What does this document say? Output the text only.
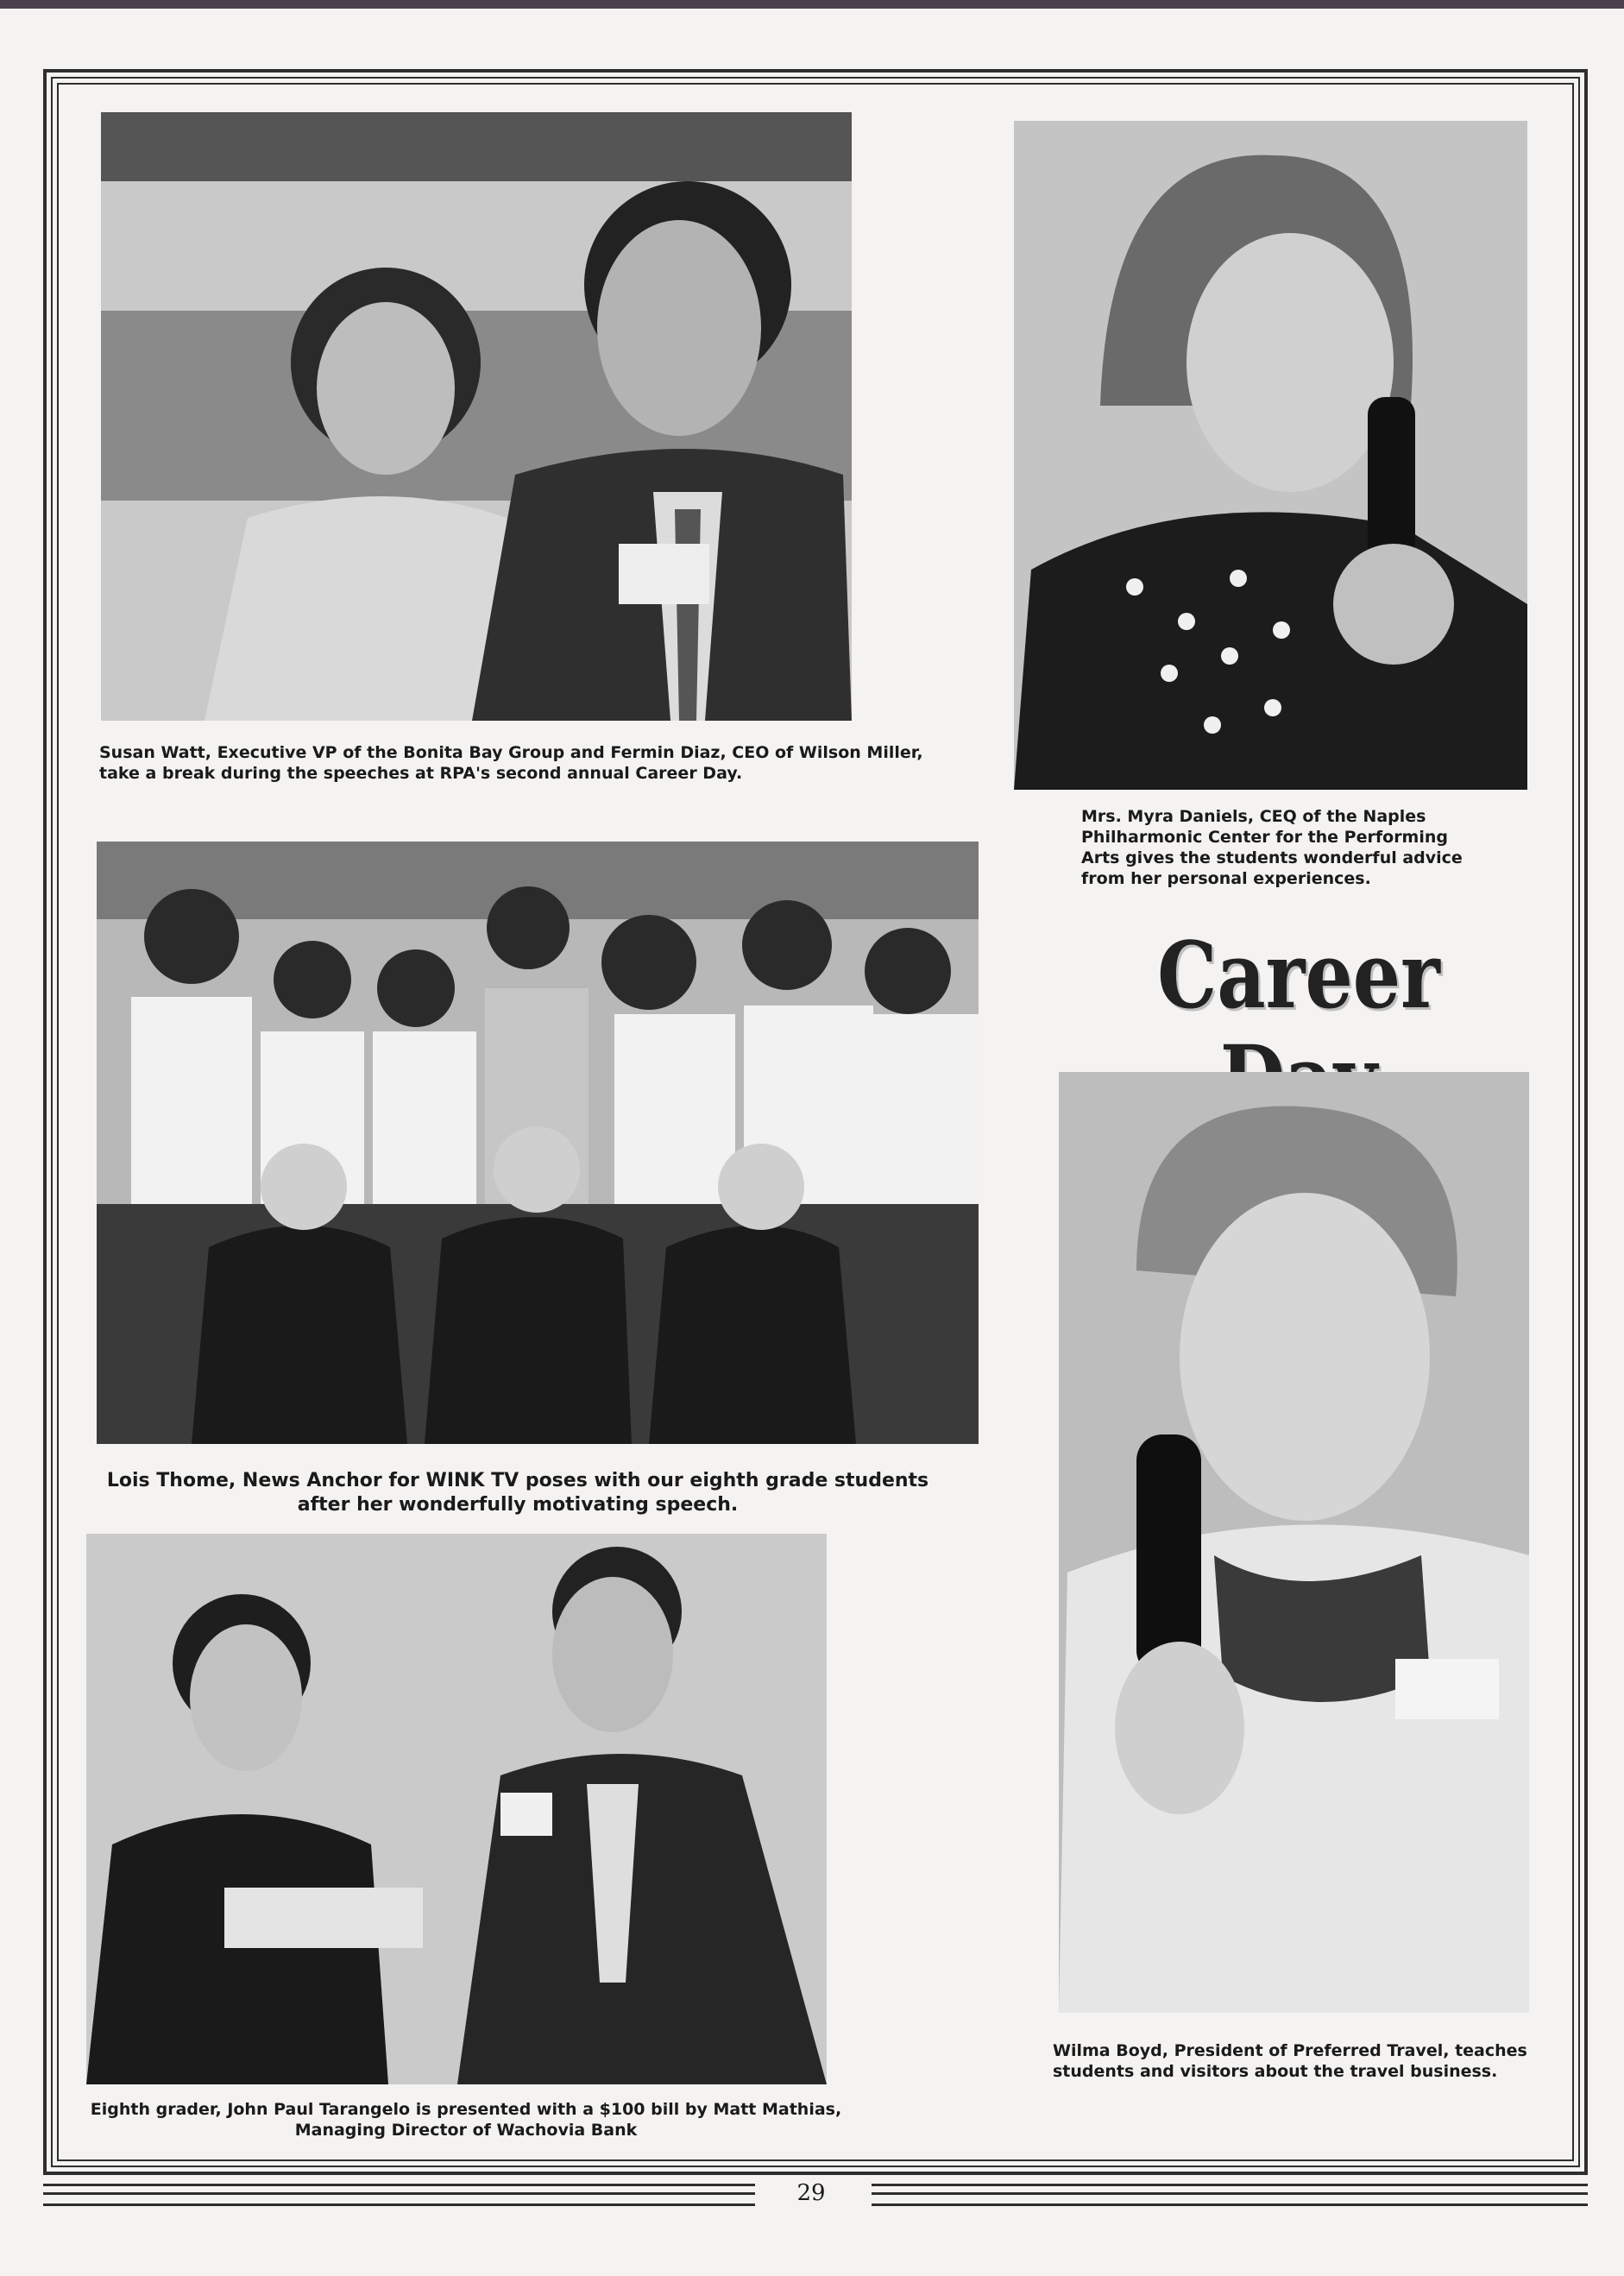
Susan Watt, Executive VP of the Bonita Bay Group and Fermin Diaz, CEO of Wilson Miller, take a break during the speeches at RPA's second annual Career Day.
Mrs. Myra Daniels, CEQ of the Naples Philharmonic Center for the Performing Arts gives the students wonderful advice from her personal experiences.
Career
Lois Thome, News Anchor for WINK TV poses with our eighth grade students after her wonderfully motivating speech.
Eighth grader, John Paul Tarangelo is presented with a $100 bill by Matt Mathias, Managing Director of Wachovia Bank
Wilma Boyd, President of Preferred Travel, teaches students and visitors about the travel business.
29
